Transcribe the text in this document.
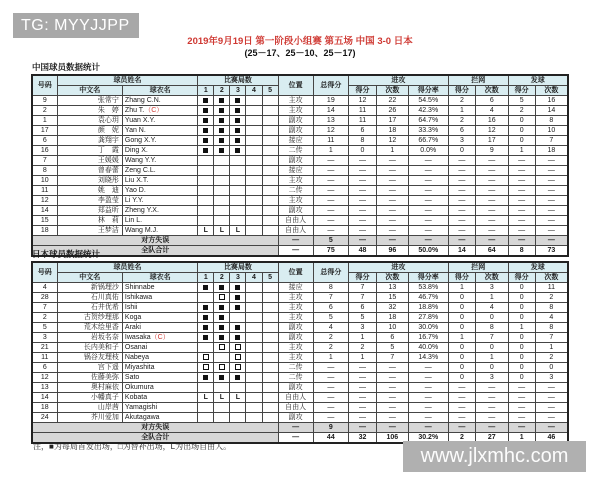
TG: MYYJJPP
2019年9月19日 第一阶段小组赛 第五场 中国 3-0 日本
(25－17、25－10、25－17)
中国球员数据统计
号码	球员姓名		比赛局数					位置	总得分	进攻			拦网		发球	
	中文名	球衣名	1	2	3	4	5			得分	次数	得分率	得分	次数	得分	次数
9	张常宁	Zhang C.N.						主攻	19	12	22	54.5%	2	6	5	16
2	朱　婷	Zhu T.（C）						主攻	14	11	26	42.3%	1	4	2	14
1	袁心玥	Yuan X.Y.						副攻	13	11	17	64.7%	2	16	0	8
17	颜　妮	Yan N.						副攻	12	6	18	33.3%	6	12	0	10
6	龚翔宇	Gong X.Y.						接应	11	8	12	66.7%	3	17	0	7
16	丁　霞	Ding X.						二传	1	0	1	0.0%	0	9	1	18
7	王媛媛	Wang Y.Y.						副攻	—	—	—	—	—	—	—	—
8	曾春蕾	Zeng C.L.						接应	—	—	—	—	—	—	—	—
10	刘晓彤	Liu X.T.						主攻	—	—	—	—	—	—	—	—
11	姚　迪	Yao D.						二传	—	—	—	—	—	—	—	—
12	李盈莹	Li Y.Y.						主攻	—	—	—	—	—	—	—	—
14	郑益昕	Zheng Y.X.						副攻	—	—	—	—	—	—	—	—
15	林　莉	Lin L.						自由人	—	—	—	—	—	—	—	—
18	王梦洁	Wang M.J.	L	L	L			自由人	—	—	—	—	—	—	—	—
对方失误								—	5	—	—	—	—	—	—	—
全队合计								—	75	48	96	50.0%	14	64	8	73
日本球员数据统计
号码	球员姓名		比赛局数					位置	总得分	进攻			拦网		发球	
	中文名	球衣名	1	2	3	4	5			得分	次数	得分率	得分	次数	得分	次数
4	新锅理沙	Shinnabe						接应	8	7	13	53.8%	1	3	0	11
28	石川真佑	Ishikawa						主攻	7	7	15	46.7%	0	1	0	2
7	石井优希	Ishii						主攻	6	6	32	18.8%	0	4	0	8
2	古贺纱理那	Koga						主攻	5	5	18	27.8%	0	0	0	4
5	荒木绘里香	Araki						副攻	4	3	10	30.0%	0	8	1	8
3	岩坂名奈	Iwasaka（C）						副攻	2	1	6	16.7%	1	7	0	7
21	长内美和子	Osanai						主攻	2	2	5	40.0%	0	0	0	1
11	锅谷友理枝	Nabeya						主攻	1	1	7	14.3%	0	1	0	2
6	宫下遥	Miyashita						二传	—	—	—	—	0	0	0	0
12	佐藤美弥	Sato						二传	—	—	—	—	0	3	0	3
13	奥村麻依	Okumura						副攻	—	—	—	—	—	—	—	—
14	小幡真子	Kobata	L	L	L			自由人	—	—	—	—	—	—	—	—
18	山岸茜	Yamagishi						自由人	—	—	—	—	—	—	—	—
24	芥川爱加	Akutagawa						副攻	—	—	—	—	—	—	—	—
对方失误								—	9	—	—	—	—	—	—	—
全队合计								—	44	32	106	30.2%	2	27	1	46
注，■为每局首发出场，□为替补出场，L为出场自由人。	www.jlxmhc.com
